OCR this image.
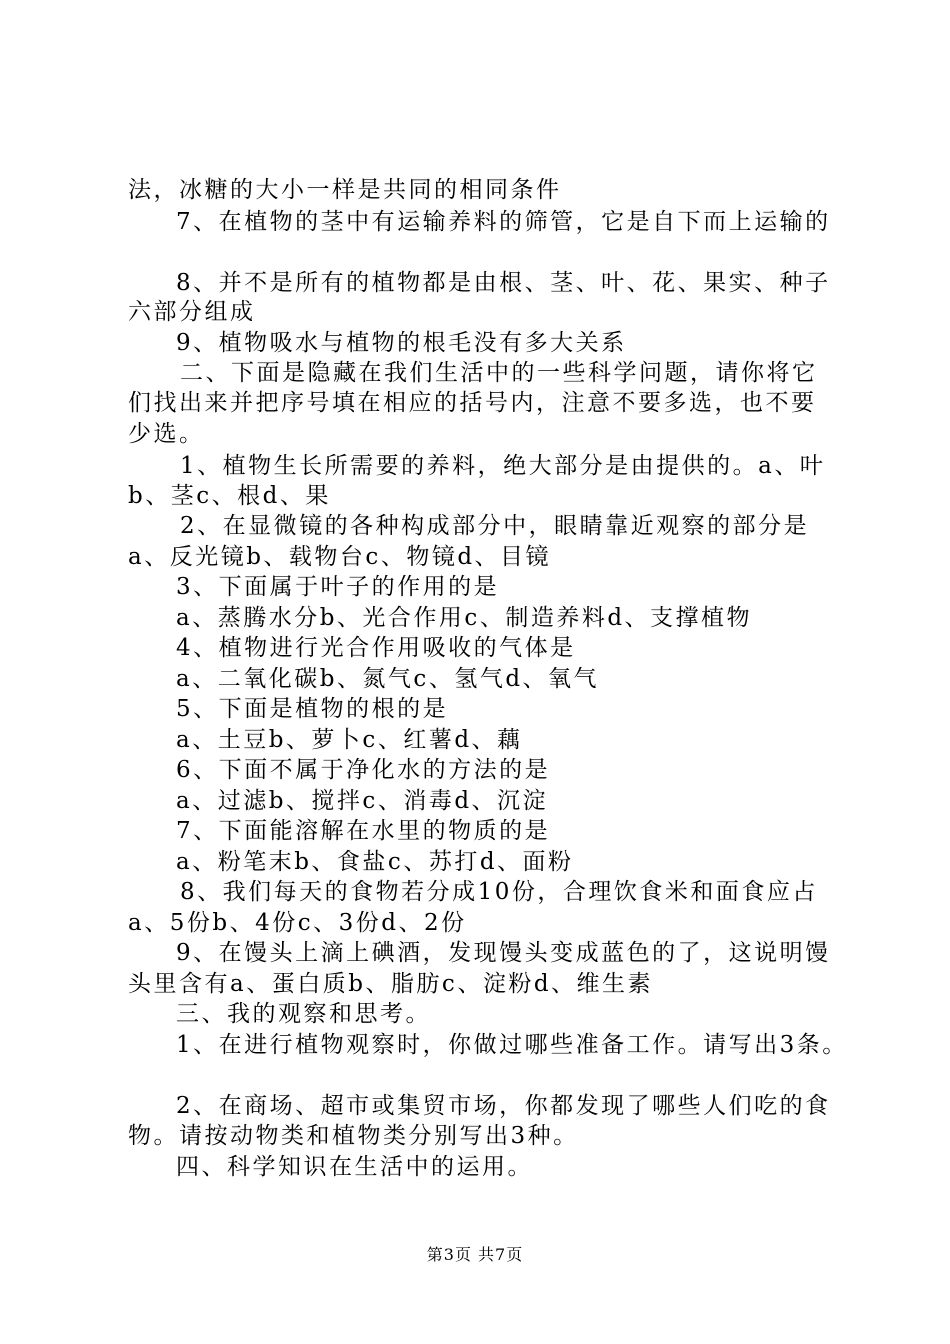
法，冰糖的大小一样是共同的相同条件
7、在植物的茎中有运输养料的筛管，它是自下而上运输的
8、并不是所有的植物都是由根、茎、叶、花、果实、种子
六部分组成
9、植物吸水与植物的根毛没有多大关系
二、下面是隐藏在我们生活中的一些科学问题，请你将它
们找出来并把序号填在相应的括号内，注意不要多选，也不要
少选。
1、植物生长所需要的养料，绝大部分是由提供的。a、叶
b、茎c、根d、果
2、在显微镜的各种构成部分中，眼睛靠近观察的部分是
a、反光镜b、载物台c、物镜d、目镜
3、下面属于叶子的作用的是
a、蒸腾水分b、光合作用c、制造养料d、支撑植物
4、植物进行光合作用吸收的气体是
a、二氧化碳b、氮气c、氢气d、氧气
5、下面是植物的根的是
a、土豆b、萝卜c、红薯d、藕
6、下面不属于净化水的方法的是
a、过滤b、搅拌c、消毒d、沉淀
7、下面能溶解在水里的物质的是
a、粉笔末b、食盐c、苏打d、面粉
8、我们每天的食物若分成10份，合理饮食米和面食应占
a、5份b、4份c、3份d、2份
9、在馒头上滴上碘酒，发现馒头变成蓝色的了，这说明馒
头里含有a、蛋白质b、脂肪c、淀粉d、维生素
三、我的观察和思考。
1、在进行植物观察时，你做过哪些准备工作。请写出3条。
2、在商场、超市或集贸市场，你都发现了哪些人们吃的食
物。请按动物类和植物类分别写出3种。
四、科学知识在生活中的运用。
第3页 共7页
